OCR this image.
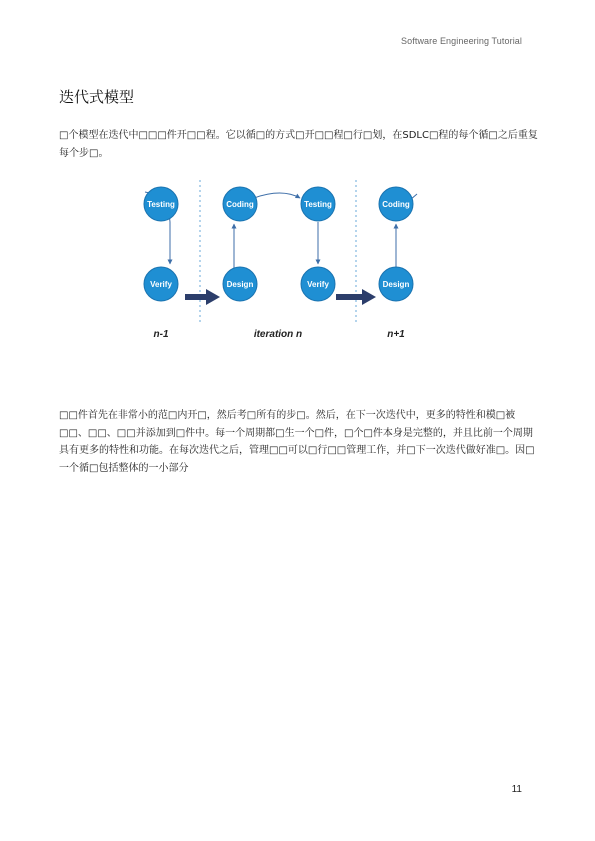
Software Engineering Tutorial
迭代式模型
□个模型在迭代中□□□件开□□程。它以循□的方式□开□□程□行□划，在SDLC□程的每个循□之后重复每个步□。
Testing
Verify
Coding
Design
Testing
Verify
Coding
Design
n-1	iteration n	n+1
□□件首先在非常小的范□内开□，然后考□所有的步□。然后，在下一次迭代中，更多的特性和模□被□□、□□、□□并添加到□件中。每一个周期都□生一个□件，□个□件本身是完整的，并且比前一个周期具有更多的特性和功能。在每次迭代之后，管理□□可以□行□□管理工作，并□下一次迭代做好准□。因□一个循□包括整体的一小部分
11
